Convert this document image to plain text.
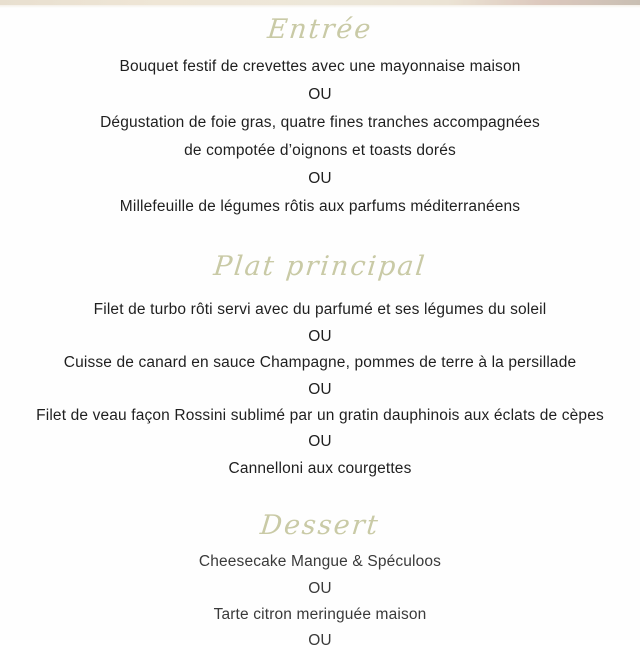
Entrée
Bouquet festif de crevettes avec une mayonnaise maison
OU
Dégustation de foie gras, quatre fines tranches accompagnées
de compotée d’oignons et toasts dorés
OU
Millefeuille de légumes rôtis aux parfums méditerranéens
Plat principal
Filet de turbo rôti servi avec du parfumé et ses légumes du soleil
OU
Cuisse de canard en sauce Champagne, pommes de terre à la persillade
OU
Filet de veau façon Rossini sublimé par un gratin dauphinois aux éclats de cèpes
OU
Cannelloni aux courgettes
Dessert
Cheesecake Mangue & Spéculoos
OU
Tarte citron meringuée maison
OU
